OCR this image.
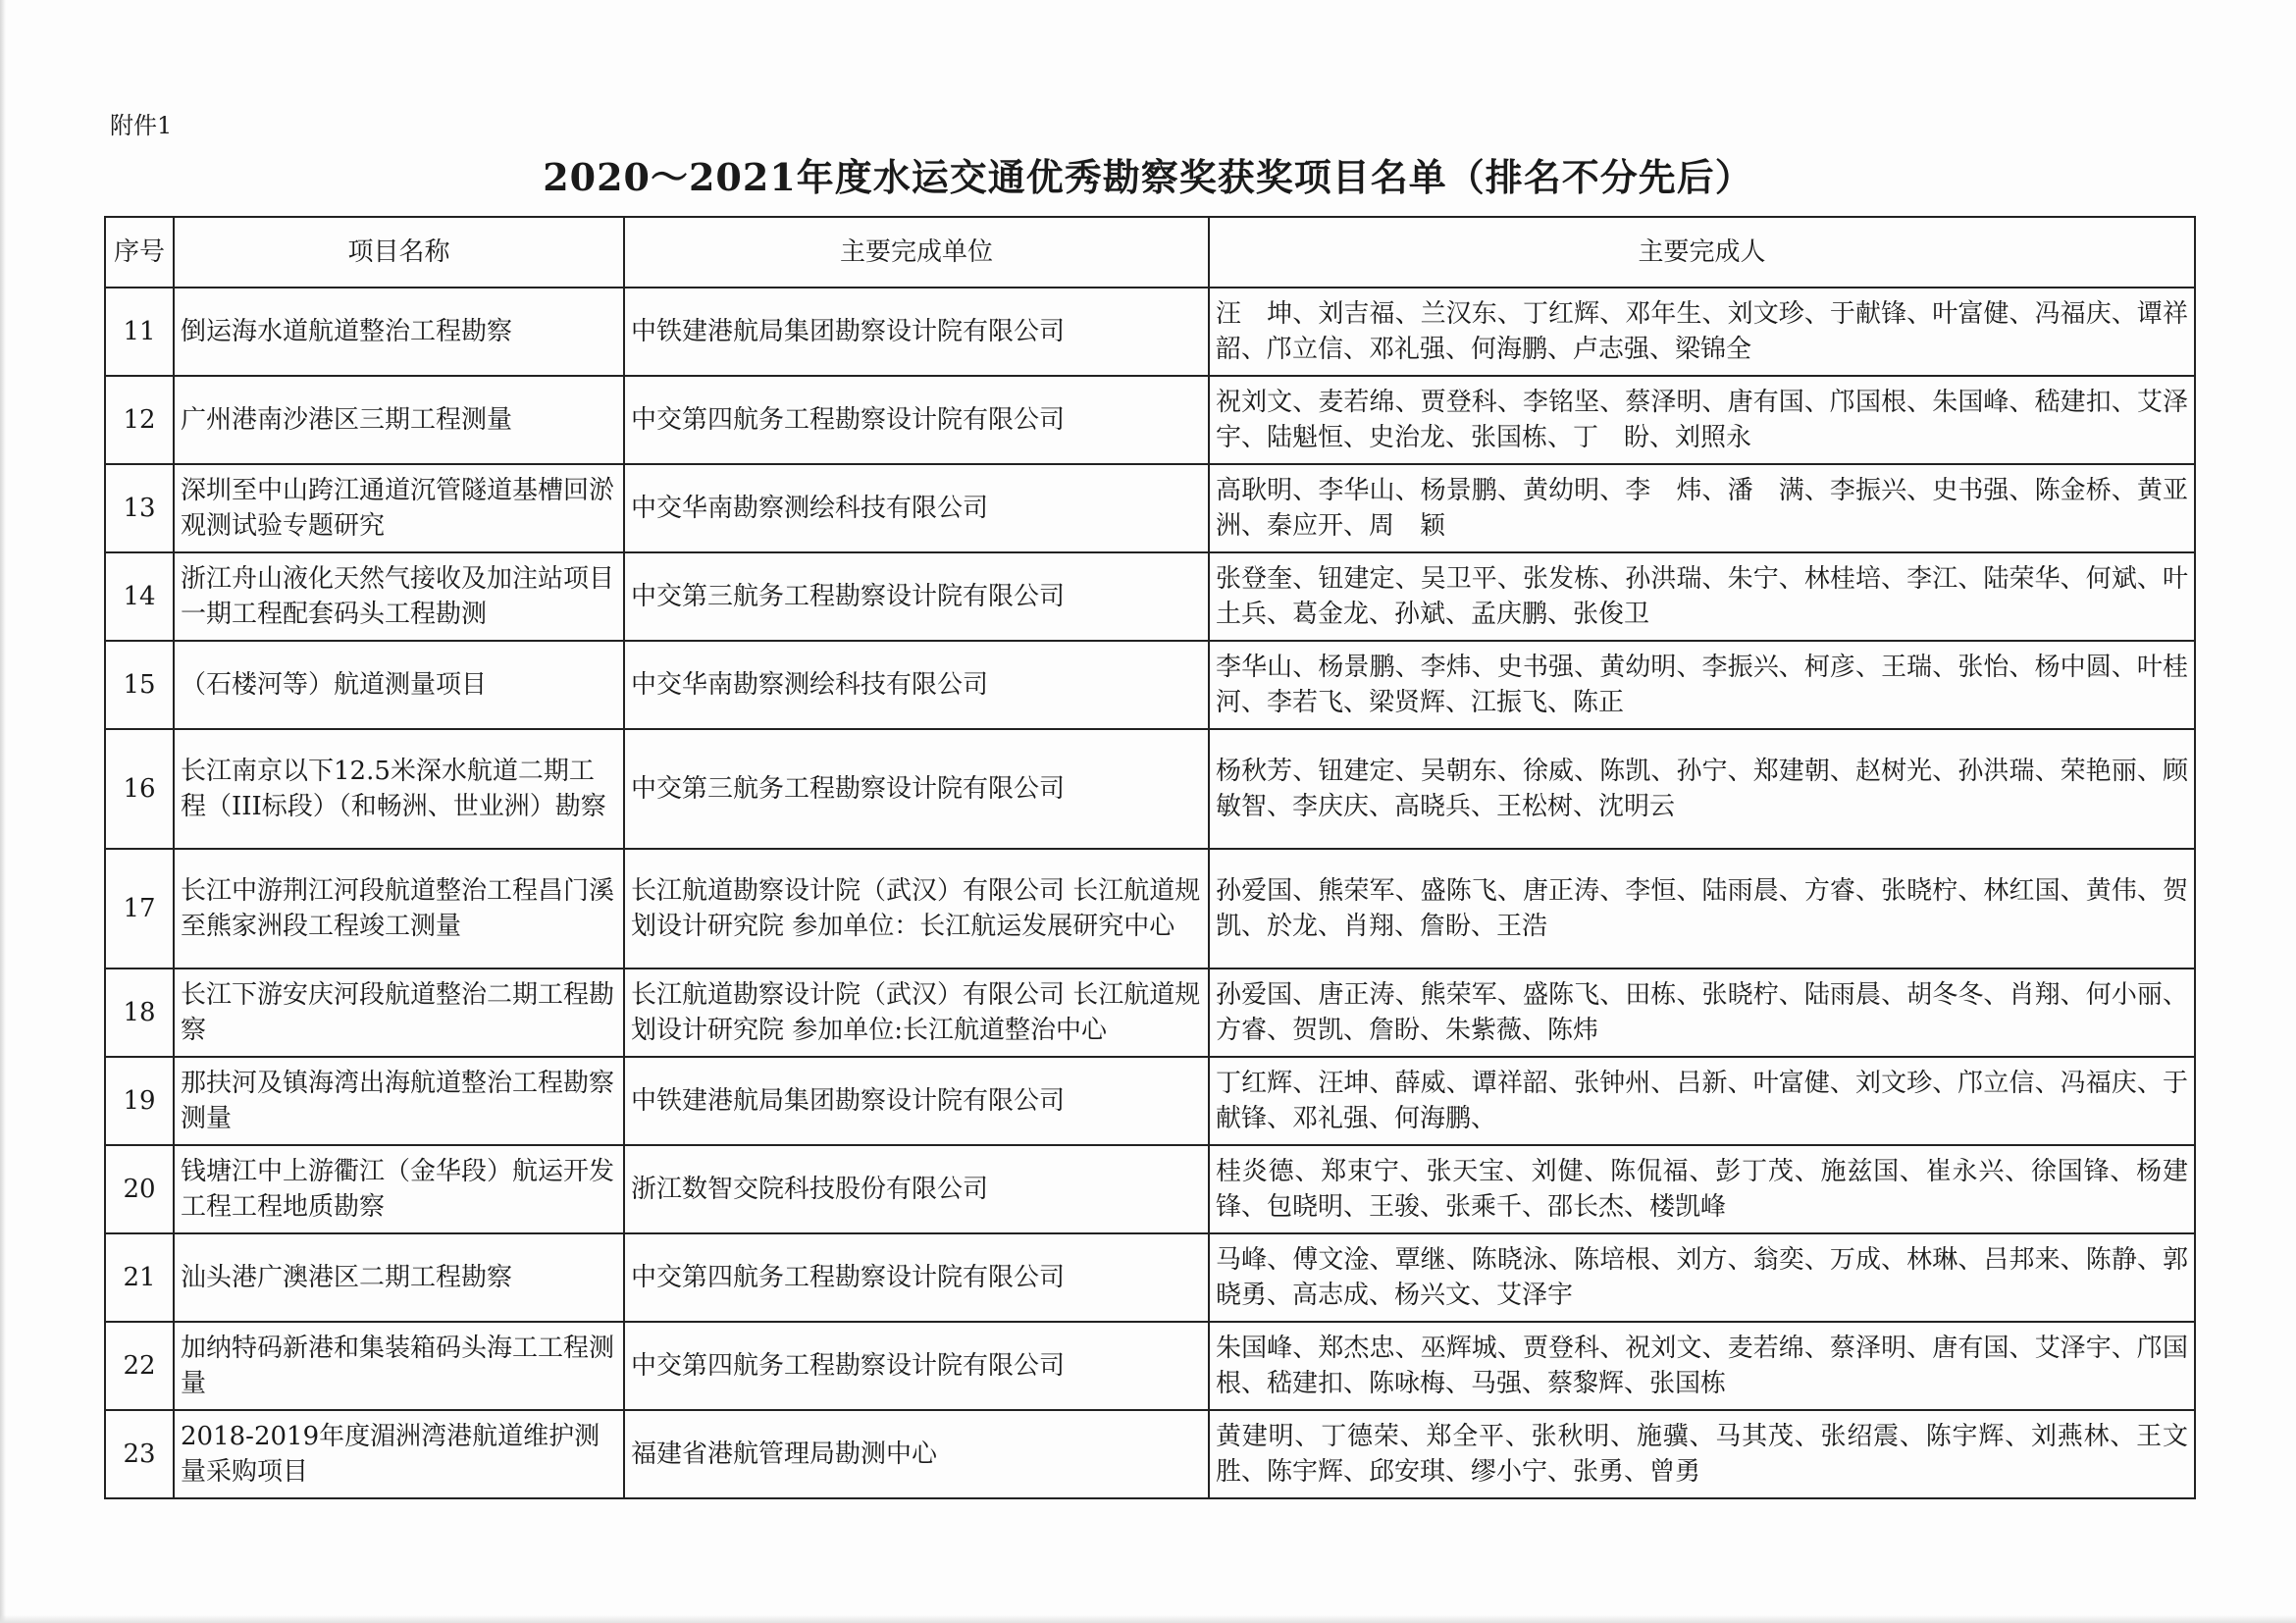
附件1
2020～2021年度水运交通优秀勘察奖获奖项目名单（排名不分先后）
序号	项目名称	主要完成单位	主要完成人
11	倒运海水道航道整治工程勘察	中铁建港航局集团勘察设计院有限公司	汪　坤、刘吉福、兰汉东、丁红辉、邓年生、刘文珍、于献锋、叶富健、冯福庆、谭祥韶、邝立信、邓礼强、何海鹏、卢志强、梁锦全
12	广州港南沙港区三期工程测量	中交第四航务工程勘察设计院有限公司	祝刘文、麦若绵、贾登科、李铭坚、蔡泽明、唐有国、邝国根、朱国峰、嵇建扣、艾泽宇、陆魁恒、史治龙、张国栋、丁　盼、刘照永
13	深圳至中山跨江通道沉管隧道基槽回淤观测试验专题研究	中交华南勘察测绘科技有限公司	高耿明、李华山、杨景鹏、黄幼明、李　炜、潘　满、李振兴、史书强、陈金桥、黄亚洲、秦应开、周　颖
14	浙江舟山液化天然气接收及加注站项目一期工程配套码头工程勘测	中交第三航务工程勘察设计院有限公司	张登奎、钮建定、吴卫平、张发栋、孙洪瑞、朱宁、林桂培、李江、陆荣华、何斌、叶土兵、葛金龙、孙斌、孟庆鹏、张俊卫
15	（石楼河等）航道测量项目	中交华南勘察测绘科技有限公司	李华山、杨景鹏、李炜、史书强、黄幼明、李振兴、柯彦、王瑞、张怡、杨中圆、叶桂河、李若飞、梁贤辉、江振飞、陈正
16	长江南京以下12.5米深水航道二期工程（III标段）（和畅洲、世业洲）勘察	中交第三航务工程勘察设计院有限公司	杨秋芳、钮建定、吴朝东、徐威、陈凯、孙宁、郑建朝、赵树光、孙洪瑞、荣艳丽、顾敏智、李庆庆、高晓兵、王松树、沈明云
17	长江中游荆江河段航道整治工程昌门溪至熊家洲段工程竣工测量	长江航道勘察设计院（武汉）有限公司 长江航道规划设计研究院 参加单位：长江航运发展研究中心	孙爱国、熊荣军、盛陈飞、唐正涛、李恒、陆雨晨、方睿、张晓柠、林红国、黄伟、贺凯、於龙、肖翔、詹盼、王浩
18	长江下游安庆河段航道整治二期工程勘察	长江航道勘察设计院（武汉）有限公司 长江航道规划设计研究院 参加单位:长江航道整治中心	孙爱国、唐正涛、熊荣军、盛陈飞、田栋、张晓柠、陆雨晨、胡冬冬、肖翔、何小丽、方睿、贺凯、詹盼、朱紫薇、陈炜
19	那扶河及镇海湾出海航道整治工程勘察测量	中铁建港航局集团勘察设计院有限公司	丁红辉、汪坤、薛威、谭祥韶、张钟州、吕新、叶富健、刘文珍、邝立信、冯福庆、于献锋、邓礼强、何海鹏、
20	钱塘江中上游衢江（金华段）航运开发工程工程地质勘察	浙江数智交院科技股份有限公司	桂炎德、郑束宁、张天宝、刘健、陈侃福、彭丁茂、施兹国、崔永兴、徐国锋、杨建锋、包晓明、王骏、张乘千、邵长杰、楼凯峰
21	汕头港广澳港区二期工程勘察	中交第四航务工程勘察设计院有限公司	马峰、傅文淦、覃继、陈晓泳、陈培根、刘方、翁奕、万成、林琳、吕邦来、陈静、郭晓勇、高志成、杨兴文、艾泽宇
22	加纳特码新港和集装箱码头海工工程测量	中交第四航务工程勘察设计院有限公司	朱国峰、郑杰忠、巫辉城、贾登科、祝刘文、麦若绵、蔡泽明、唐有国、艾泽宇、邝国根、嵇建扣、陈咏梅、马强、蔡黎辉、张国栋
23	2018-2019年度湄洲湾港航道维护测量采购项目	福建省港航管理局勘测中心	黄建明、丁德荣、郑全平、张秋明、施骥、马其茂、张绍震、陈宇辉、刘燕林、王文胜、陈宇辉、邱安琪、缪小宁、张勇、曾勇
